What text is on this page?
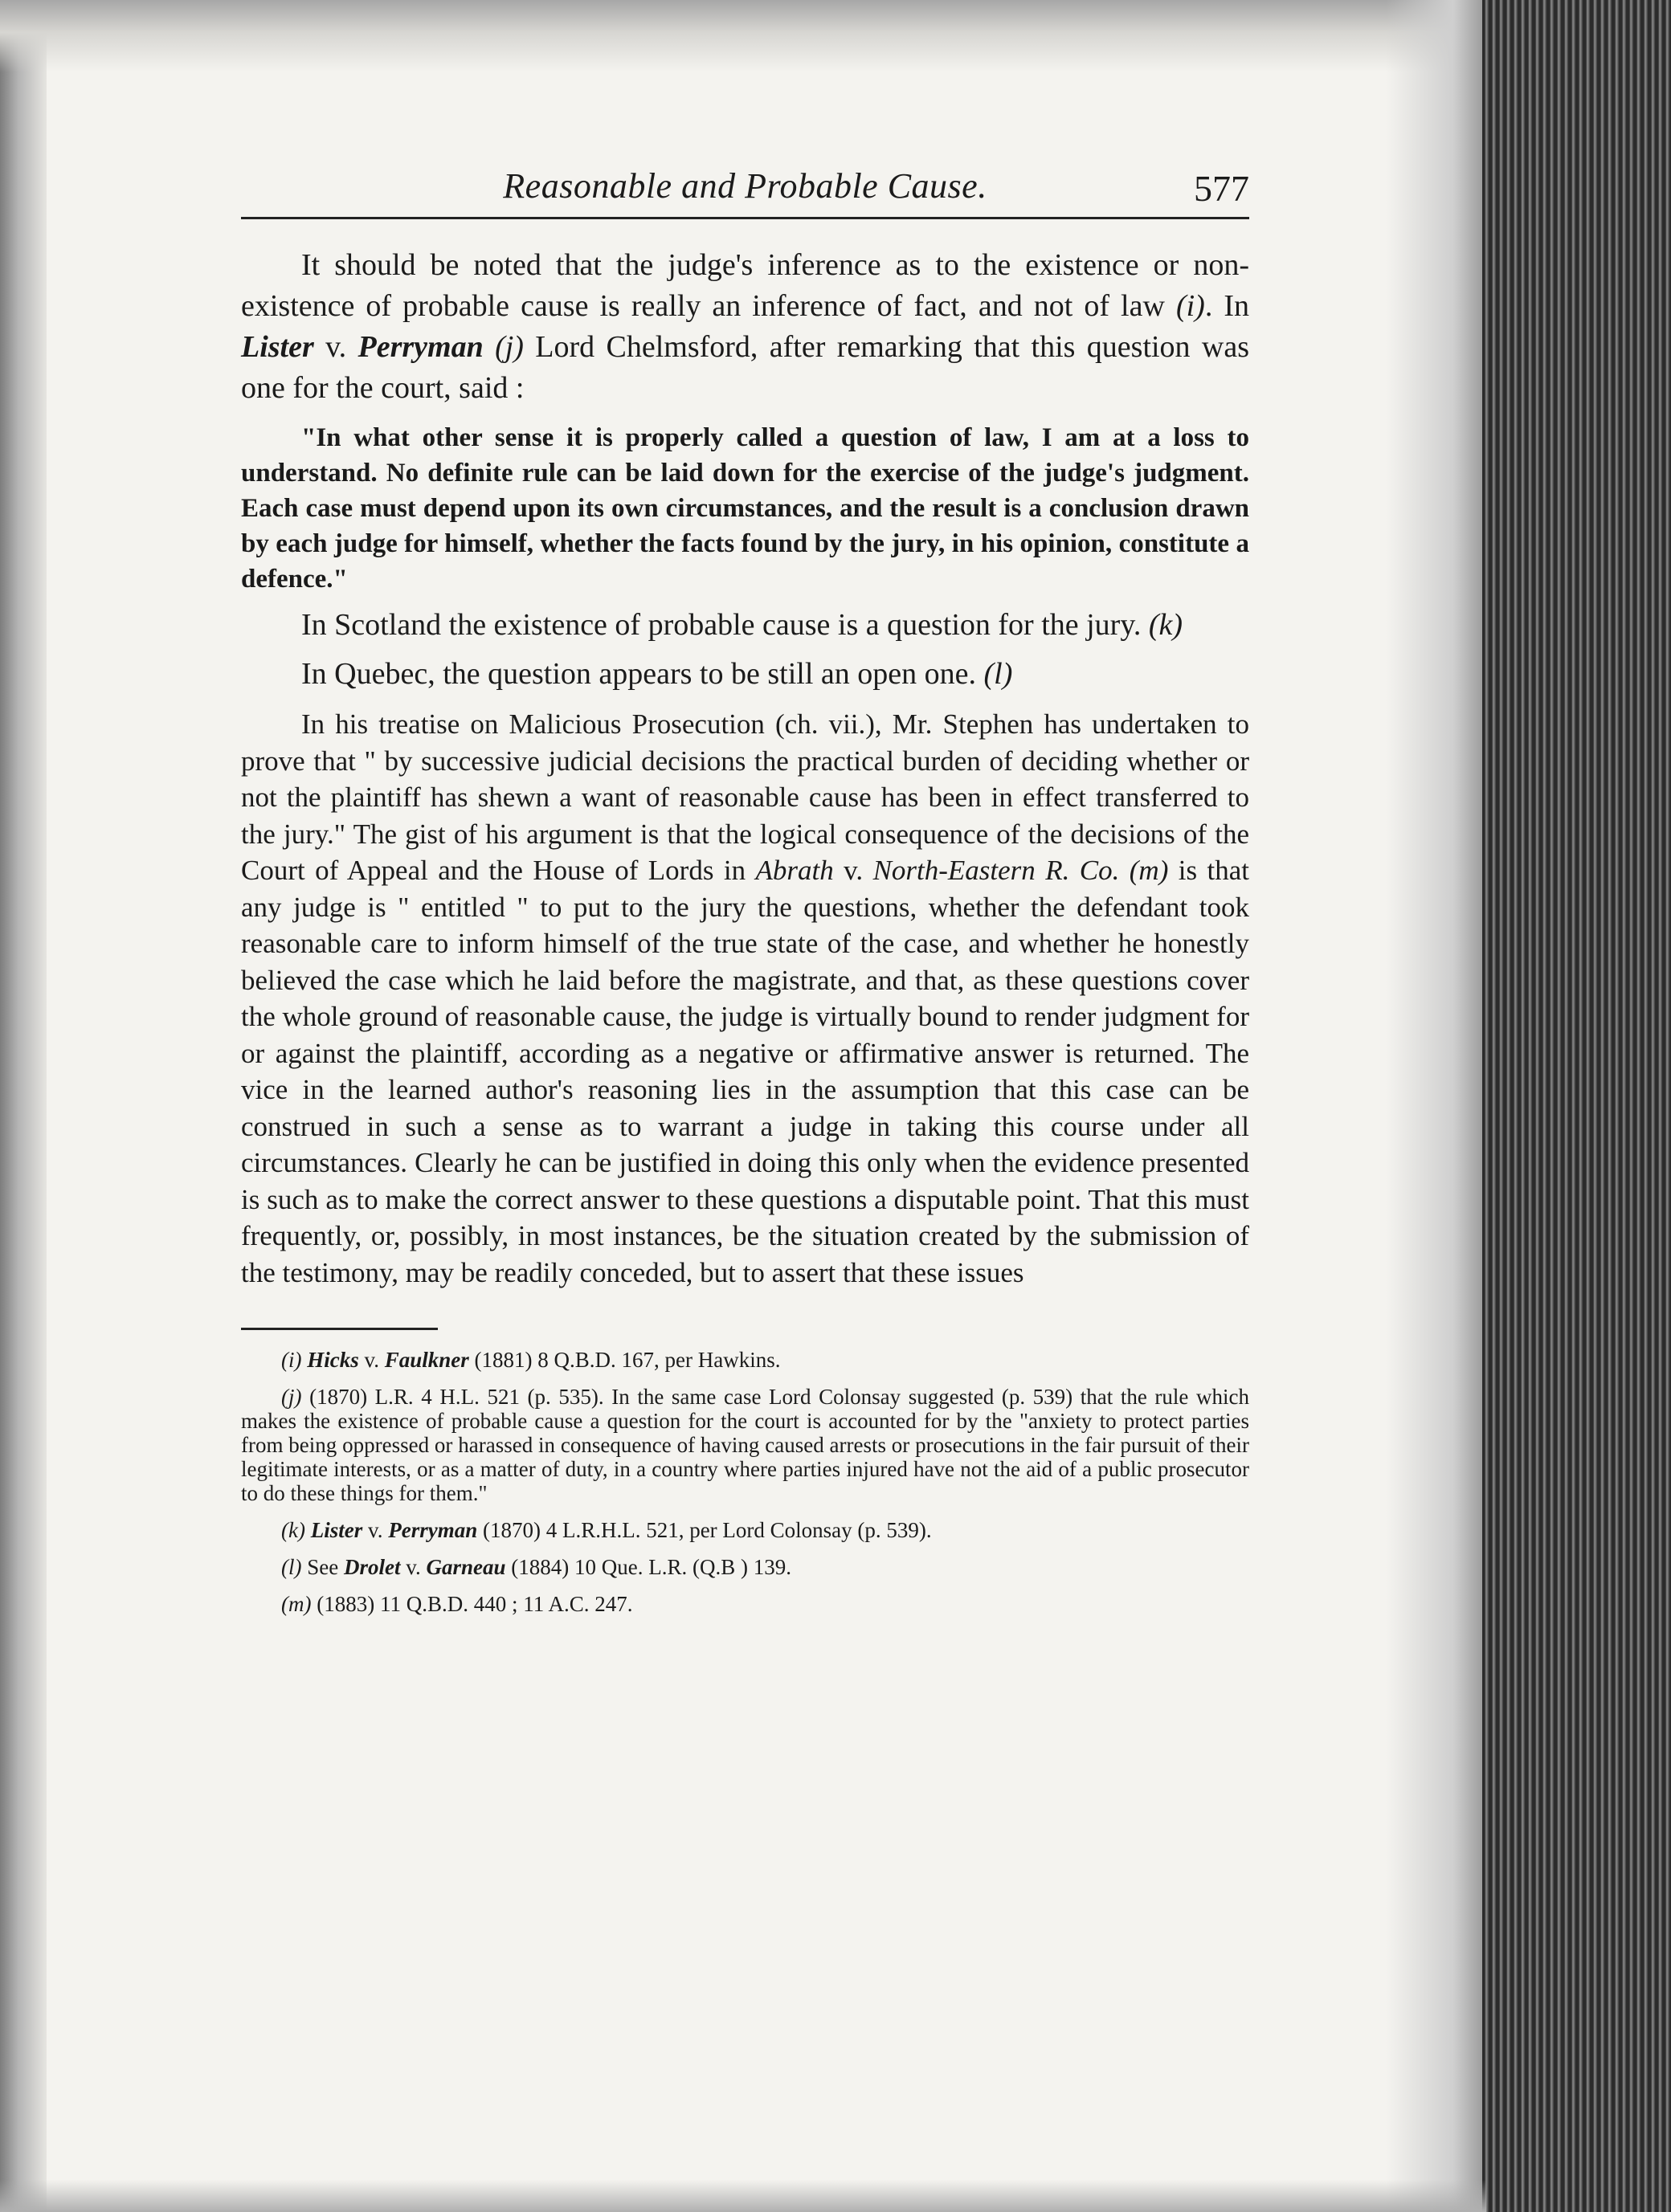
Reasonable and Probable Cause.	577

It should be noted that the judge's inference as to the existence or non-existence of probable cause is really an inference of fact, and not of law (i). In Lister v. Perryman (j) Lord Chelmsford, after remarking that this question was one for the court, said :

"In what other sense it is properly called a question of law, I am at a loss to understand. No definite rule can be laid down for the exercise of the judge's judgment. Each case must depend upon its own circumstances, and the result is a conclusion drawn by each judge for himself, whether the facts found by the jury, in his opinion, constitute a defence."

In Scotland the existence of probable cause is a question for the jury. (k)

In Quebec, the question appears to be still an open one. (l)

In his treatise on Malicious Prosecution (ch. vii.), Mr. Stephen has undertaken to prove that " by successive judicial decisions the practical burden of deciding whether or not the plaintiff has shewn a want of reasonable cause has been in effect transferred to the jury." The gist of his argument is that the logical consequence of the decisions of the Court of Appeal and the House of Lords in Abrath v. North-Eastern R. Co. (m) is that any judge is " entitled " to put to the jury the questions, whether the defendant took reasonable care to inform himself of the true state of the case, and whether he honestly believed the case which he laid before the magistrate, and that, as these questions cover the whole ground of reasonable cause, the judge is virtually bound to render judgment for or against the plaintiff, according as a negative or affirmative answer is returned. The vice in the learned author's reasoning lies in the assumption that this case can be construed in such a sense as to warrant a judge in taking this course under all circumstances. Clearly he can be justified in doing this only when the evidence presented is such as to make the correct answer to these questions a disputable point. That this must frequently, or, possibly, in most instances, be the situation created by the submission of the testimony, may be readily conceded, but to assert that these issues

(i) Hicks v. Faulkner (1881) 8 Q.B.D. 167, per Hawkins.

(j) (1870) L.R. 4 H.L. 521 (p. 535). In the same case Lord Colonsay suggested (p. 539) that the rule which makes the existence of probable cause a question for the court is accounted for by the "anxiety to protect parties from being oppressed or harassed in consequence of having caused arrests or prosecutions in the fair pursuit of their legitimate interests, or as a matter of duty, in a country where parties injured have not the aid of a public prosecutor to do these things for them."

(k) Lister v. Perryman (1870) 4 L.R.H.L. 521, per Lord Colonsay (p. 539).

(l) See Drolet v. Garneau (1884) 10 Que. L.R. (Q.B ) 139.

(m) (1883) 11 Q.B.D. 440 ; 11 A.C. 247.
